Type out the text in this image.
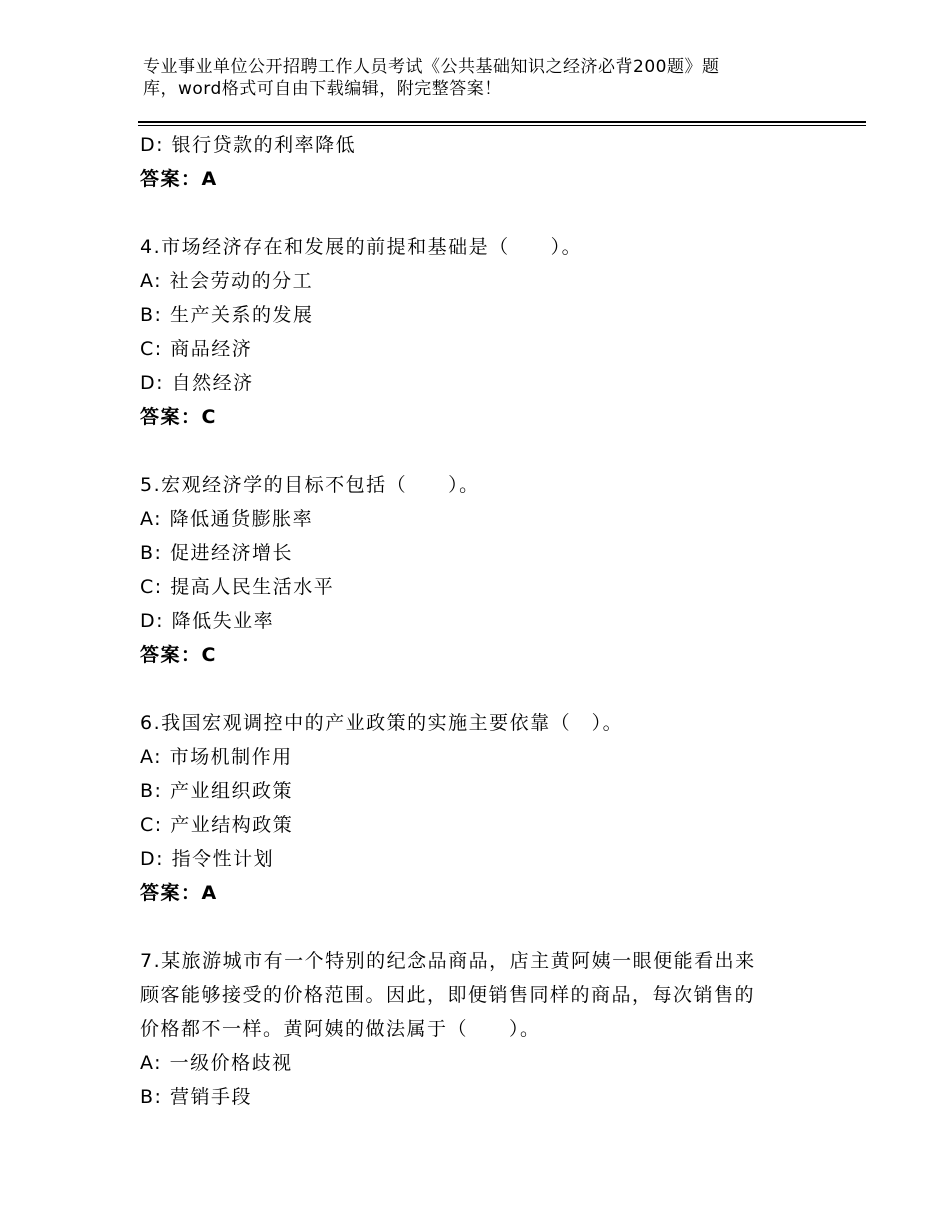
专业事业单位公开招聘工作人员考试《公共基础知识之经济必背200题》题
库，word格式可自由下载编辑，附完整答案！
D: 银行贷款的利率降低
答案：A
4.市场经济存在和发展的前提和基础是（　　）。
A: 社会劳动的分工
B: 生产关系的发展
C: 商品经济
D: 自然经济
答案：C
5.宏观经济学的目标不包括（　　）。
A: 降低通货膨胀率
B: 促进经济增长
C: 提高人民生活水平
D: 降低失业率
答案：C
6.我国宏观调控中的产业政策的实施主要依靠（　）。
A: 市场机制作用
B: 产业组织政策
C: 产业结构政策
D: 指令性计划
答案：A
7.某旅游城市有一个特别的纪念品商品，店主黄阿姨一眼便能看出来
顾客能够接受的价格范围。因此，即便销售同样的商品，每次销售的
价格都不一样。黄阿姨的做法属于（　　）。
A: 一级价格歧视
B: 营销手段
